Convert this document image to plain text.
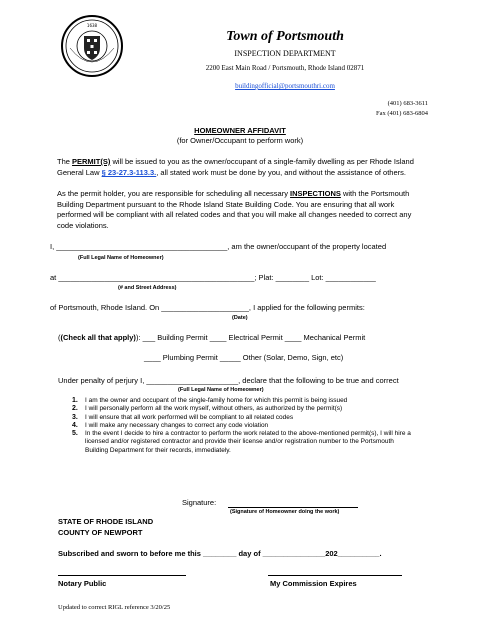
1638
Town of Portsmouth
INSPECTION DEPARTMENT
2200 East Main Road / Portsmouth, Rhode Island 02871
buildingofficial@portsmouthri.com
(401) 683-3611
Fax (401) 683-6804
HOMEOWNER AFFIDAVIT
(for Owner/Occupant to perform work)
The PERMIT(S) will be issued to you as the owner/occupant of a single-family dwelling as per Rhode Island General Law § 23-27.3-113.3., all stated work must be done by you, and without the assistance of others.
As the permit holder, you are responsible for scheduling all necessary INSPECTIONS with the Portsmouth Building Department pursuant to the Rhode Island State Building Code. You are ensuring that all work performed will be compliant with all related codes and that you will make all changes needed to correct any code violations.
I, _________________________________________, am the owner/occupant of the property located
(Full Legal Name of Homeowner)
at _______________________________________________; Plat: ________ Lot: ____________
(# and Street Address)
of Portsmouth, Rhode Island. On _____________________, I applied for the following permits:
(Date)
((Check all that apply)): ___ Building Permit ____ Electrical Permit ____ Mechanical Permit
____ Plumbing Permit _____ Other (Solar, Demo, Sign, etc)
Under penalty of perjury I, ______________________, declare that the following to be true and correct
(Full Legal Name of Homeowner)
1. I am the owner and occupant of the single-family home for which this permit is being issued
2. I will personally perform all the work myself, without others, as authorized by the permit(s)
3. I will ensure that all work performed will be compliant to all related codes
4. I will make any necessary changes to correct any code violation
5. In the event I decide to hire a contractor to perform the work related to the above-mentioned permit(s), I will hire a licensed and/or registered contractor and provide their license and/or registration number to the Portsmouth Building Department for their records, immediately.
Signature:
(Signature of Homeowner doing the work)
STATE OF RHODE ISLAND
COUNTY OF NEWPORT
Subscribed and sworn to before me this ________ day of _______________202__________.
Notary Public	My Commission Expires
Updated to correct RIGL reference 3/20/25
